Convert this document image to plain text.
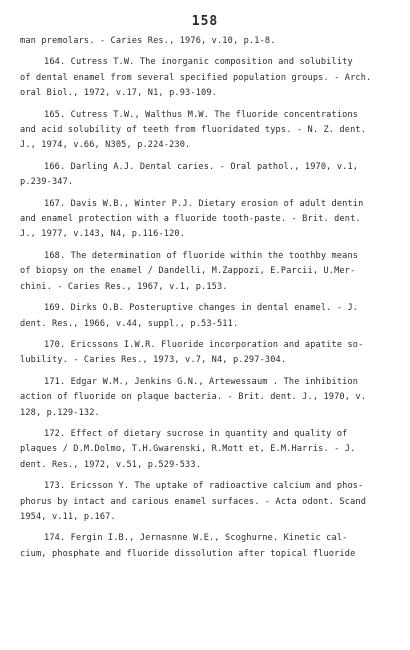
158
man premolars. - Caries Res., 1976, v.10, p.1-8.
164. Cutress T.W. The inorganic composition and solubility
of dental enamel from several specified population groups. - Arch.
oral Biol., 1972, v.17, N1, p.93-109.
165. Cutress T.W., Walthus M.W. The fluoride concentrations
and acid solubility of teeth from fluoridated typs. - N. Z. dent.
J., 1974, v.66, N305, p.224-230.
166. Darling A.J. Dental caries. - Oral pathol., 1970, v.1,
p.239-347.
167. Davis W.B., Winter P.J. Dietary erosion of adult dentin
and enamel protection with a fluoride tooth-paste. - Brit. dent.
J., 1977, v.143, N4, p.116-120.
168. The determination of fluoride within the toothby means
of biopsy on the enamel / Dandelli, M.Zappozi, E.Parcii, U.Mer-
chini. - Caries Res., 1967, v.1, p.153.
169. Dirks O.B. Posteruptive changes in dental enamel. - J.
dent. Res., 1966, v.44, suppl., p.53-511.
170. Ericssons I.W.R. Fluoride incorporation and apatite so-
lubility. - Caries Res., 1973, v.7, N4, p.297-304.
171. Edgar W.M., Jenkins G.N., Artewessaum . The inhibition
action of fluoride on plaque bacteria. - Brit. dent. J., 1970, v.
128, p.129-132.
172. Effect of dietary sucrose in quantity and quality of
plaques / D.M.Dolmo, T.H.Gwarenski, R.Mott et, E.M.Harris. - J.
dent. Res., 1972, v.51, p.529-533.
173. Ericsson Y. The uptake of radioactive calcium and phos-
phorus by intact and carious enamel surfaces. - Acta odont. Scand
1954, v.11, p.167.
174. Fergin I.B., Jernasnne W.E., Scoghurne. Kinetic cal-
cium, phosphate and fluoride dissolution after topical fluoride
